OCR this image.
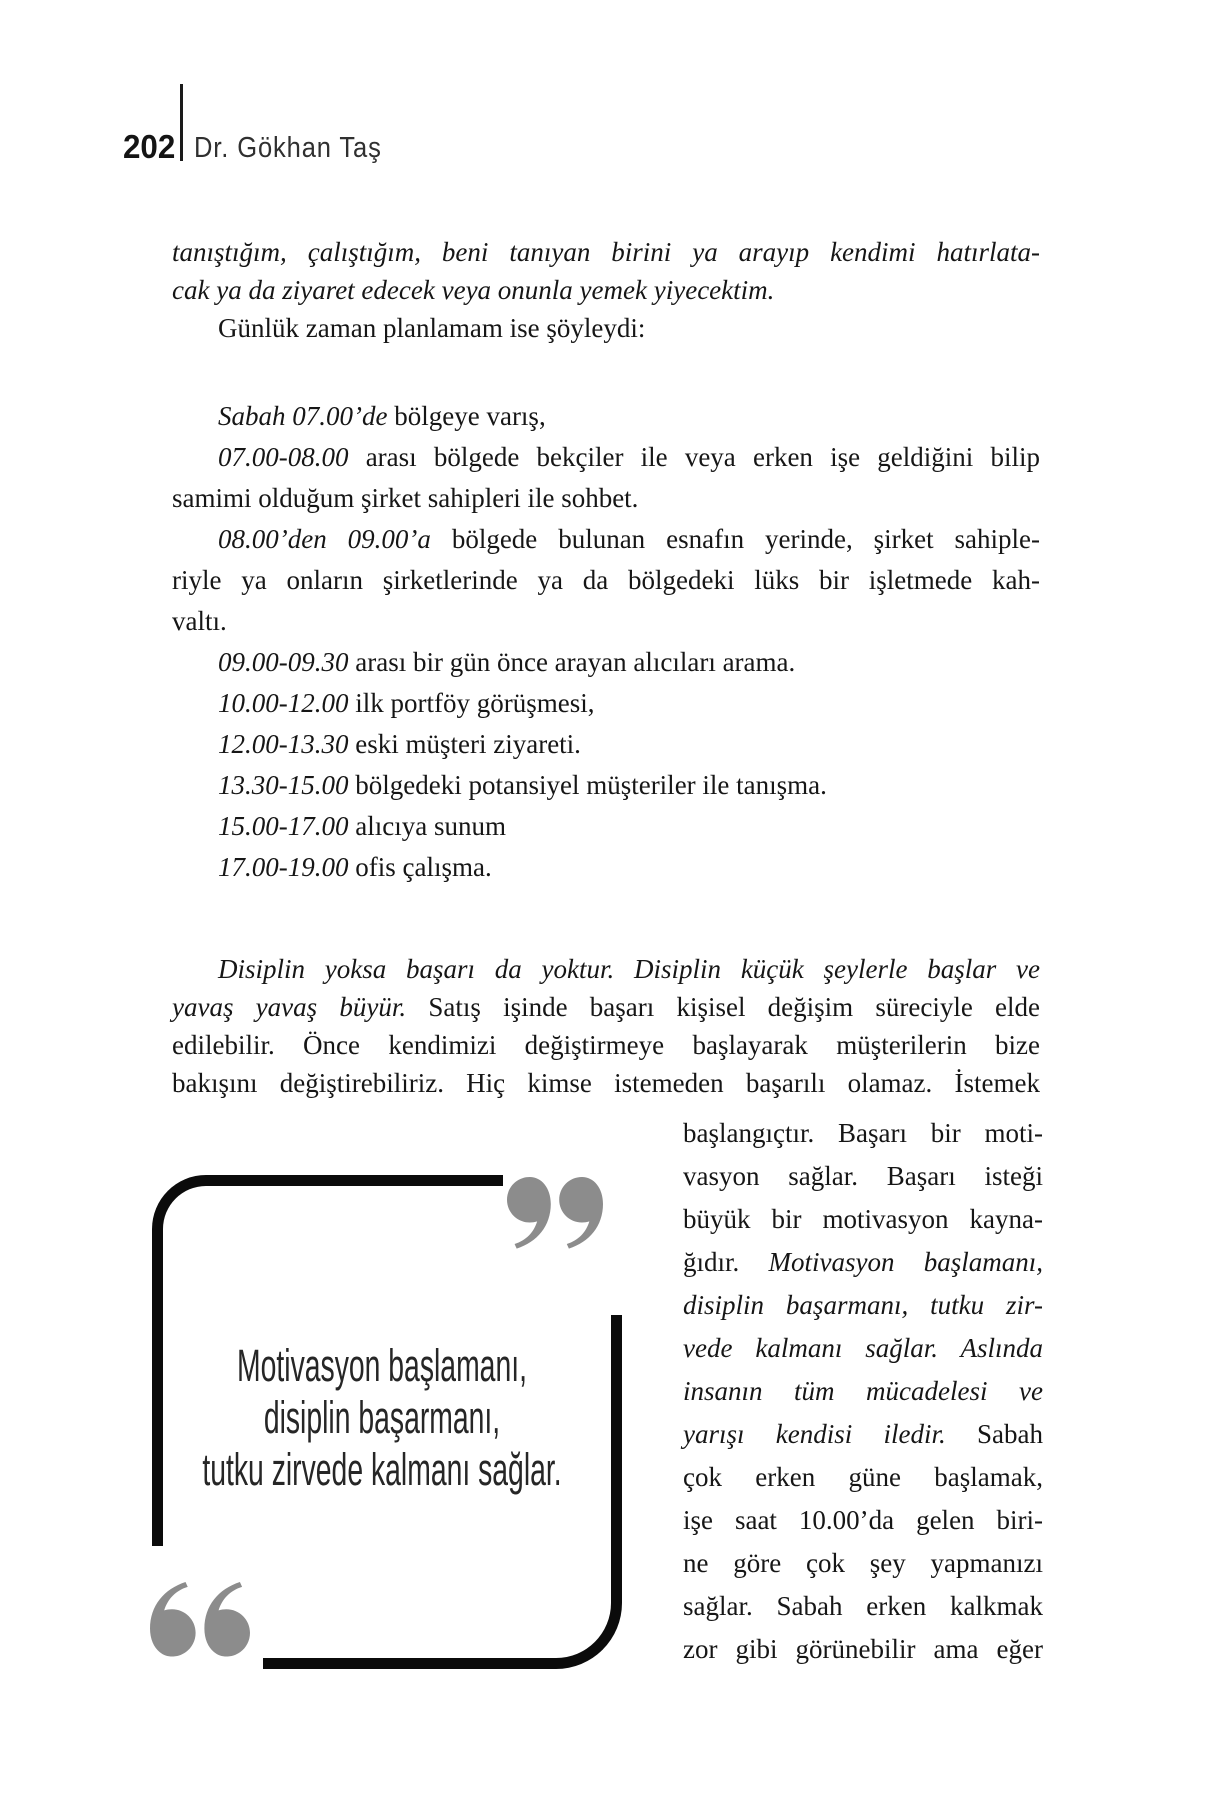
202 Dr. Gökhan Taş
tanıştığım, çalıştığım, beni tanıyan birini ya arayıp kendimi hatırlata-
cak ya da ziyaret edecek veya onunla yemek yiyecektim.
Günlük zaman planlamam ise şöyleydi:
Sabah 07.00’de bölgeye varış,
07.00-08.00 arası bölgede bekçiler ile veya erken işe geldiğini bilip
samimi olduğum şirket sahipleri ile sohbet.
08.00’den 09.00’a bölgede bulunan esnafın yerinde, şirket sahiple-
riyle ya onların şirketlerinde ya da bölgedeki lüks bir işletmede kah-
valtı.
09.00-09.30 arası bir gün önce arayan alıcıları arama.
10.00-12.00 ilk portföy görüşmesi,
12.00-13.30 eski müşteri ziyareti.
13.30-15.00 bölgedeki potansiyel müşteriler ile tanışma.
15.00-17.00 alıcıya sunum
17.00-19.00 ofis çalışma.
Disiplin yoksa başarı da yoktur. Disiplin küçük şeylerle başlar ve
yavaş yavaş büyür. Satış işinde başarı kişisel değişim süreciyle elde
edilebilir. Önce kendimizi değiştirmeye başlayarak müşterilerin bize
bakışını değiştirebiliriz. Hiç kimse istemeden başarılı olamaz. İstemek
başlangıçtır. Başarı bir moti-
vasyon sağlar. Başarı isteği
büyük bir motivasyon kayna-
ğıdır. Motivasyon başlamanı,
disiplin başarmanı, tutku zir-
vede kalmanı sağlar. Aslında
insanın tüm mücadelesi ve
yarışı kendisi iledir. Sabah
çok erken güne başlamak,
işe saat 10.00’da gelen biri-
ne göre çok şey yapmanızı
sağlar. Sabah erken kalkmak
zor gibi görünebilir ama eğer
Motivasyon başlamanı,
disiplin başarmanı,
tutku zirvede kalmanı sağlar.
